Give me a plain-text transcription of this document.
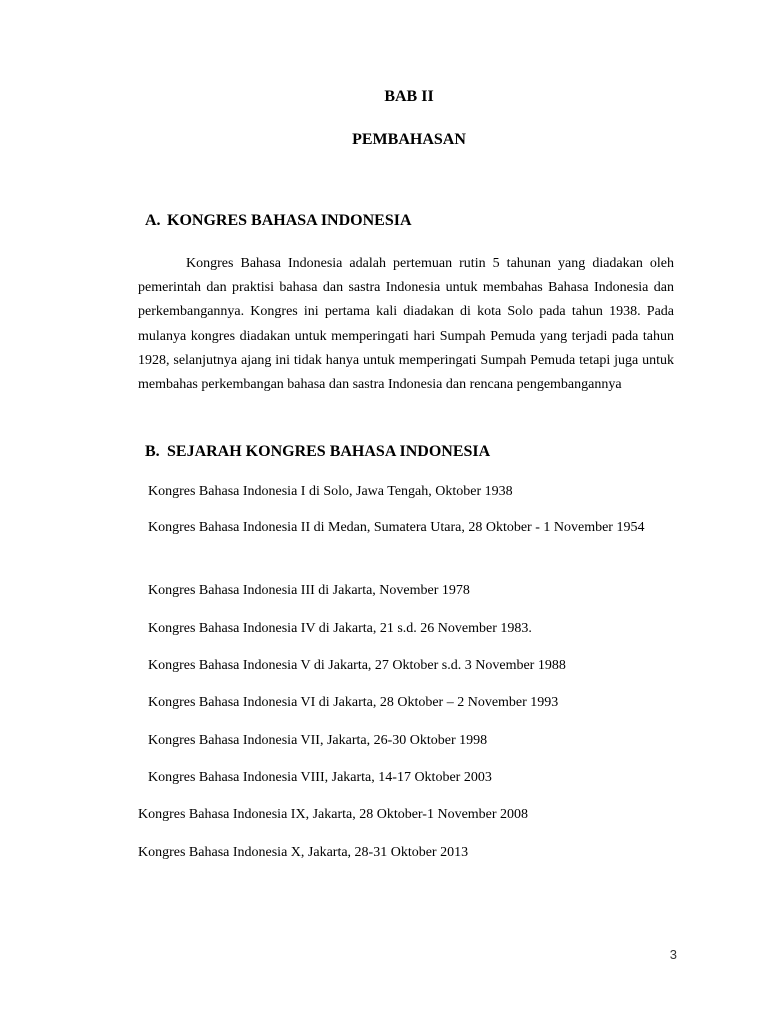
BAB II
PEMBAHASAN
A. KONGRES BAHASA INDONESIA

Kongres Bahasa Indonesia adalah pertemuan rutin 5 tahunan yang diadakan oleh pemerintah dan praktisi bahasa dan sastra Indonesia untuk membahas Bahasa Indonesia dan perkembangannya. Kongres ini pertama kali diadakan di kota Solo pada tahun 1938. Pada mulanya kongres diadakan untuk memperingati hari Sumpah Pemuda yang terjadi pada tahun 1928, selanjutnya ajang ini tidak hanya untuk memperingati Sumpah Pemuda tetapi juga untuk membahas perkembangan bahasa dan sastra Indonesia dan rencana pengembangannya

B. SEJARAH KONGRES BAHASA INDONESIA
Kongres Bahasa Indonesia I di Solo, Jawa Tengah, Oktober 1938
Kongres Bahasa Indonesia II di Medan, Sumatera Utara, 28 Oktober - 1 November 1954
Kongres Bahasa Indonesia III di Jakarta, November 1978
Kongres Bahasa Indonesia IV di Jakarta, 21 s.d. 26 November 1983.
Kongres Bahasa Indonesia V di Jakarta, 27 Oktober s.d. 3 November 1988
Kongres Bahasa Indonesia VI di Jakarta, 28 Oktober – 2 November 1993
Kongres Bahasa Indonesia VII, Jakarta, 26-30 Oktober 1998
Kongres Bahasa Indonesia VIII, Jakarta, 14-17 Oktober 2003
Kongres Bahasa Indonesia IX, Jakarta, 28 Oktober-1 November 2008
Kongres Bahasa Indonesia X, Jakarta, 28-31 Oktober 2013
3
